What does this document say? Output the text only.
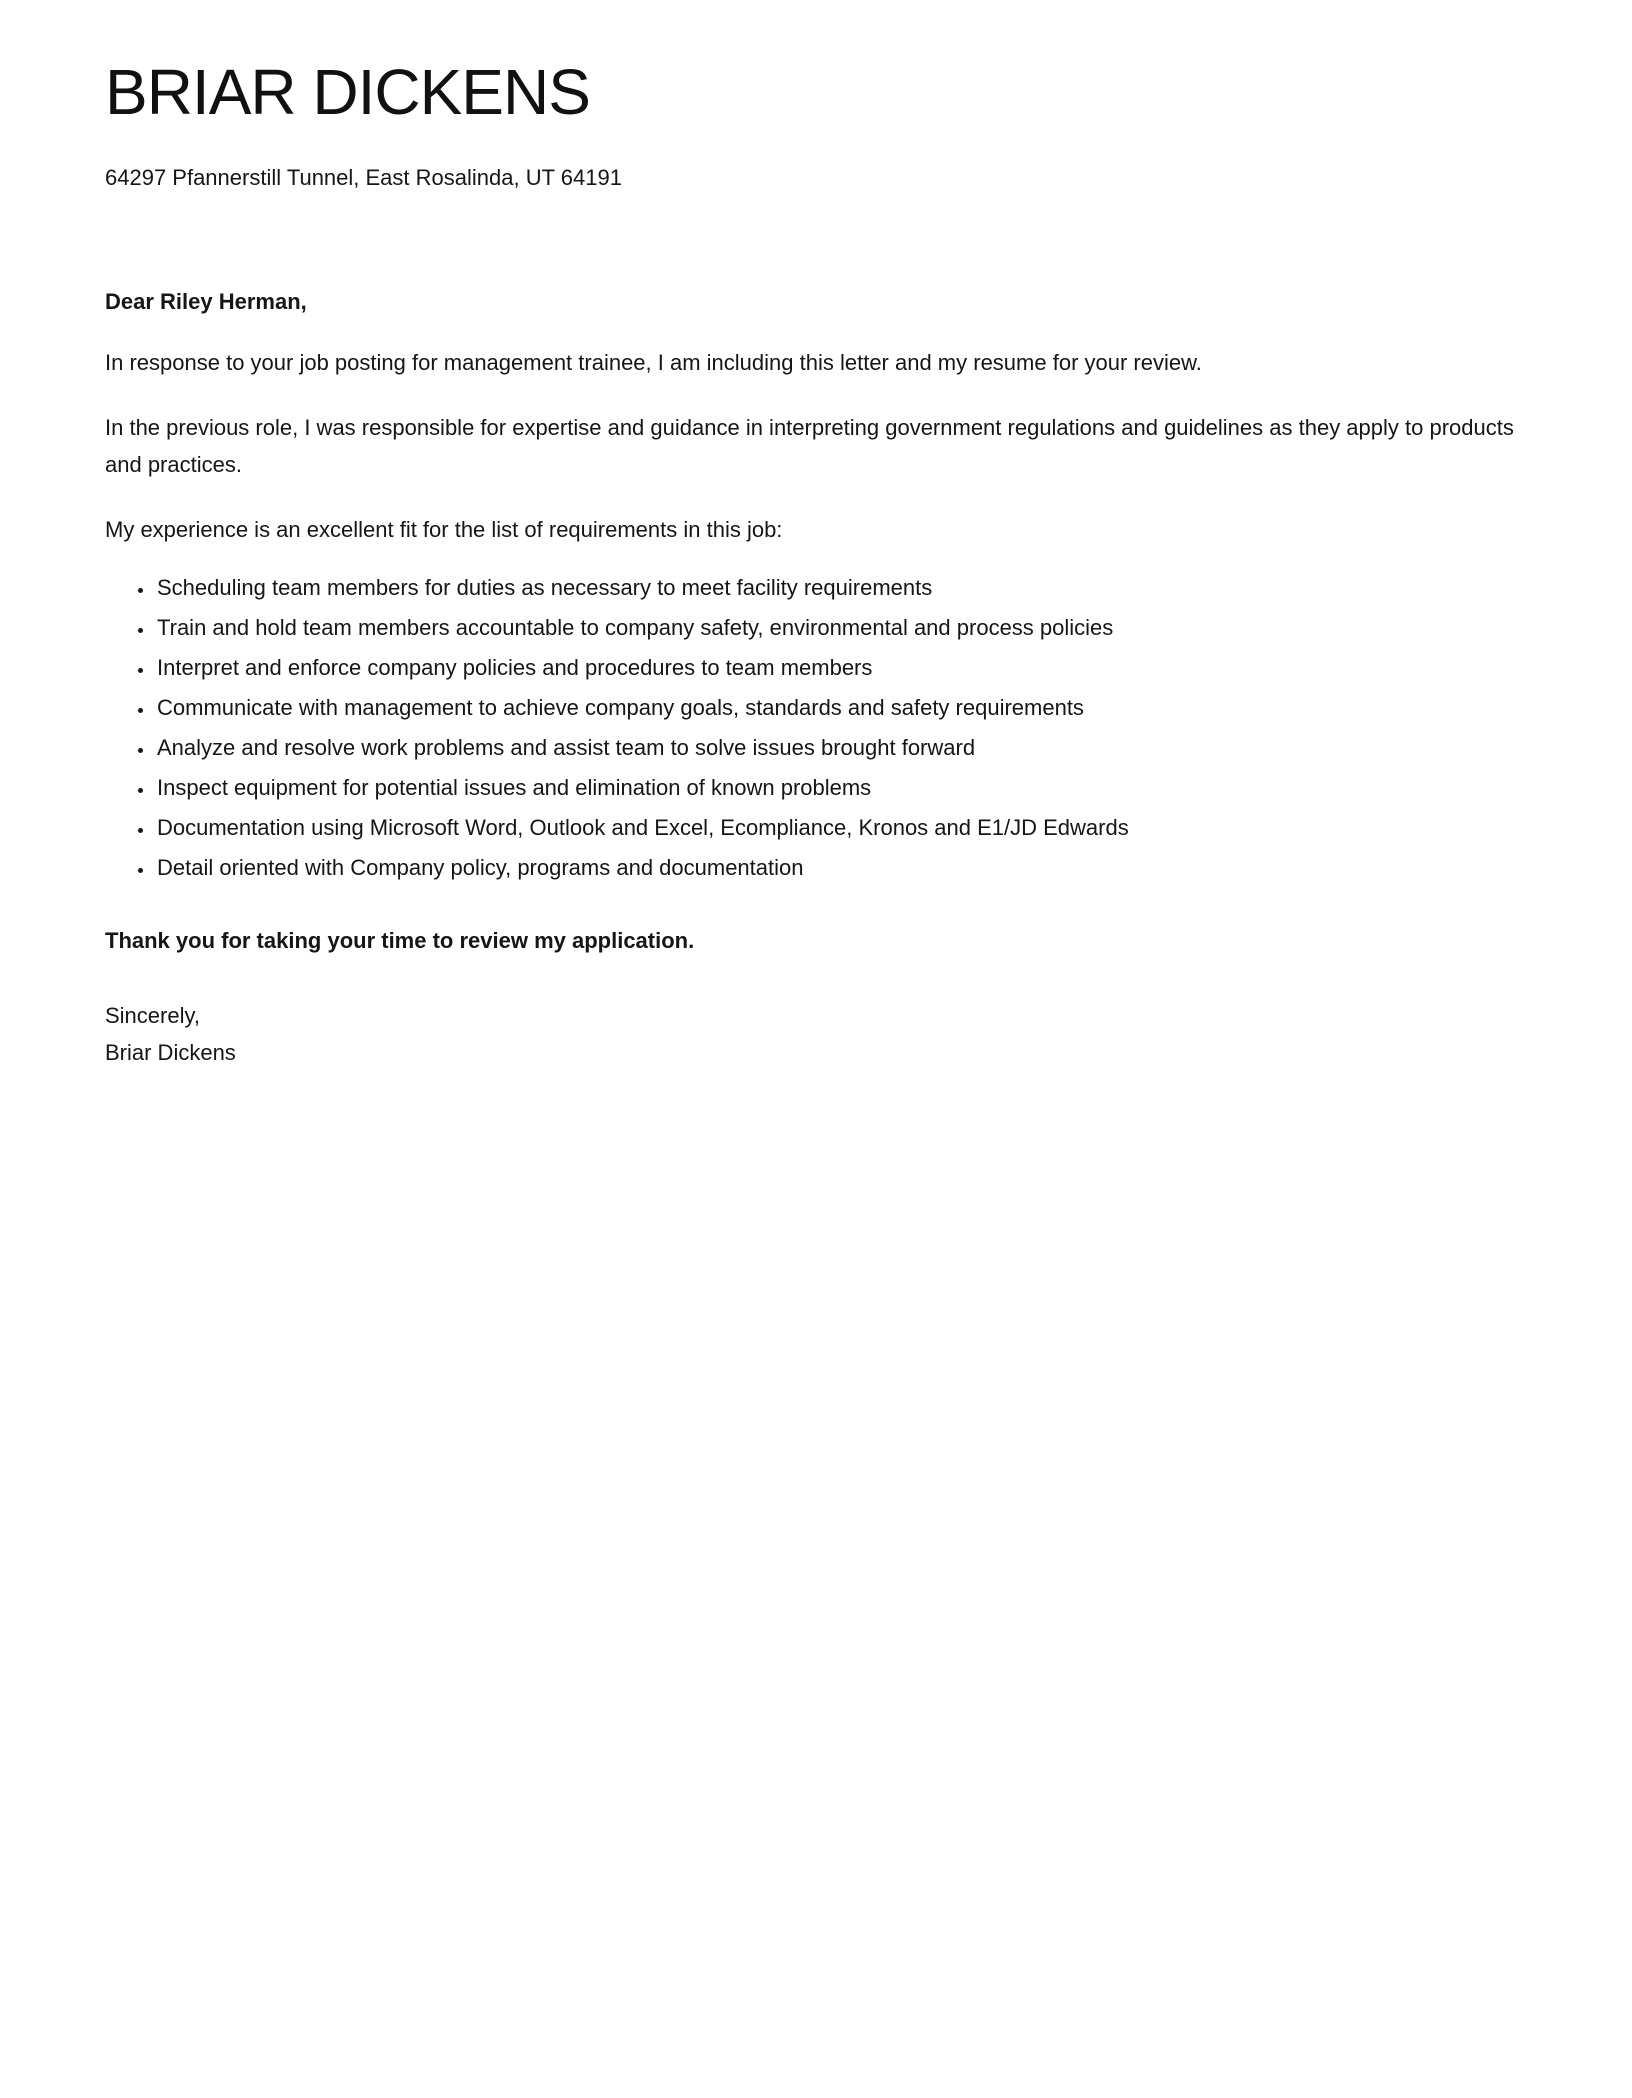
BRIAR DICKENS

64297 Pfannerstill Tunnel, East Rosalinda, UT 64191

Dear Riley Herman,

In response to your job posting for management trainee, I am including this letter and my resume for your review.

In the previous role, I was responsible for expertise and guidance in interpreting government regulations and guidelines as they apply to products and practices.

My experience is an excellent fit for the list of requirements in this job:

• Scheduling team members for duties as necessary to meet facility requirements
• Train and hold team members accountable to company safety, environmental and process policies
• Interpret and enforce company policies and procedures to team members
• Communicate with management to achieve company goals, standards and safety requirements
• Analyze and resolve work problems and assist team to solve issues brought forward
• Inspect equipment for potential issues and elimination of known problems
• Documentation using Microsoft Word, Outlook and Excel, Ecompliance, Kronos and E1/JD Edwards
• Detail oriented with Company policy, programs and documentation

Thank you for taking your time to review my application.

Sincerely,

Briar Dickens
